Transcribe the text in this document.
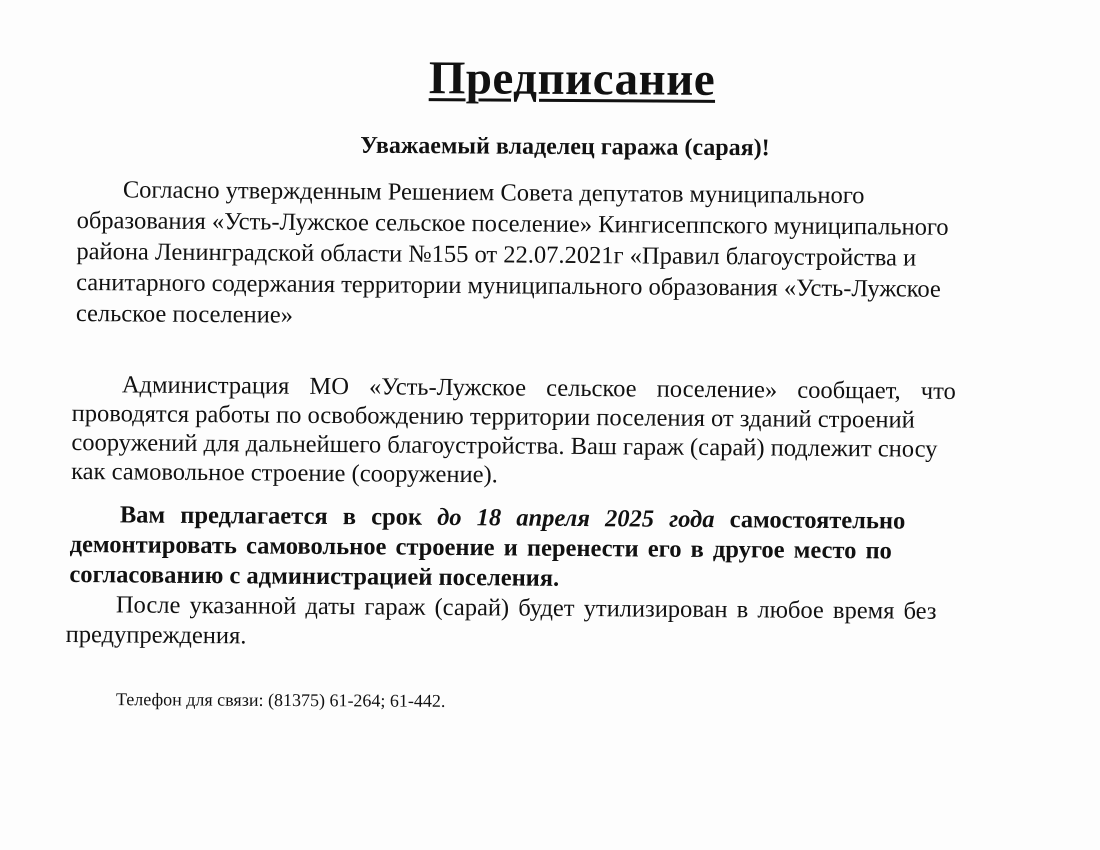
Предписание
Уважаемый владелец гаража (сарая)!
Согласно утвержденным Решением Совета депутатов муниципального
образования «Усть-Лужское сельское поселение» Кингисеппского муниципального
района Ленинградской области №155 от 22.07.2021г «Правил благоустройства и
санитарного содержания территории муниципального образования «Усть-Лужское
сельское поселение»
Администрация МО «Усть-Лужское сельское поселение» сообщает, что
проводятся работы по освобождению территории поселения от зданий строений
сооружений для дальнейшего благоустройства. Ваш гараж (сарай) подлежит сносу
как самовольное строение (сооружение).
Вам предлагается в срок до 18 апреля 2025 года самостоятельно
демонтировать самовольное строение и перенести его в другое место по
согласованию с администрацией поселения.
После указанной даты гараж (сарай) будет утилизирован в любое время без
предупреждения.
Телефон для связи: (81375) 61-264; 61-442.
